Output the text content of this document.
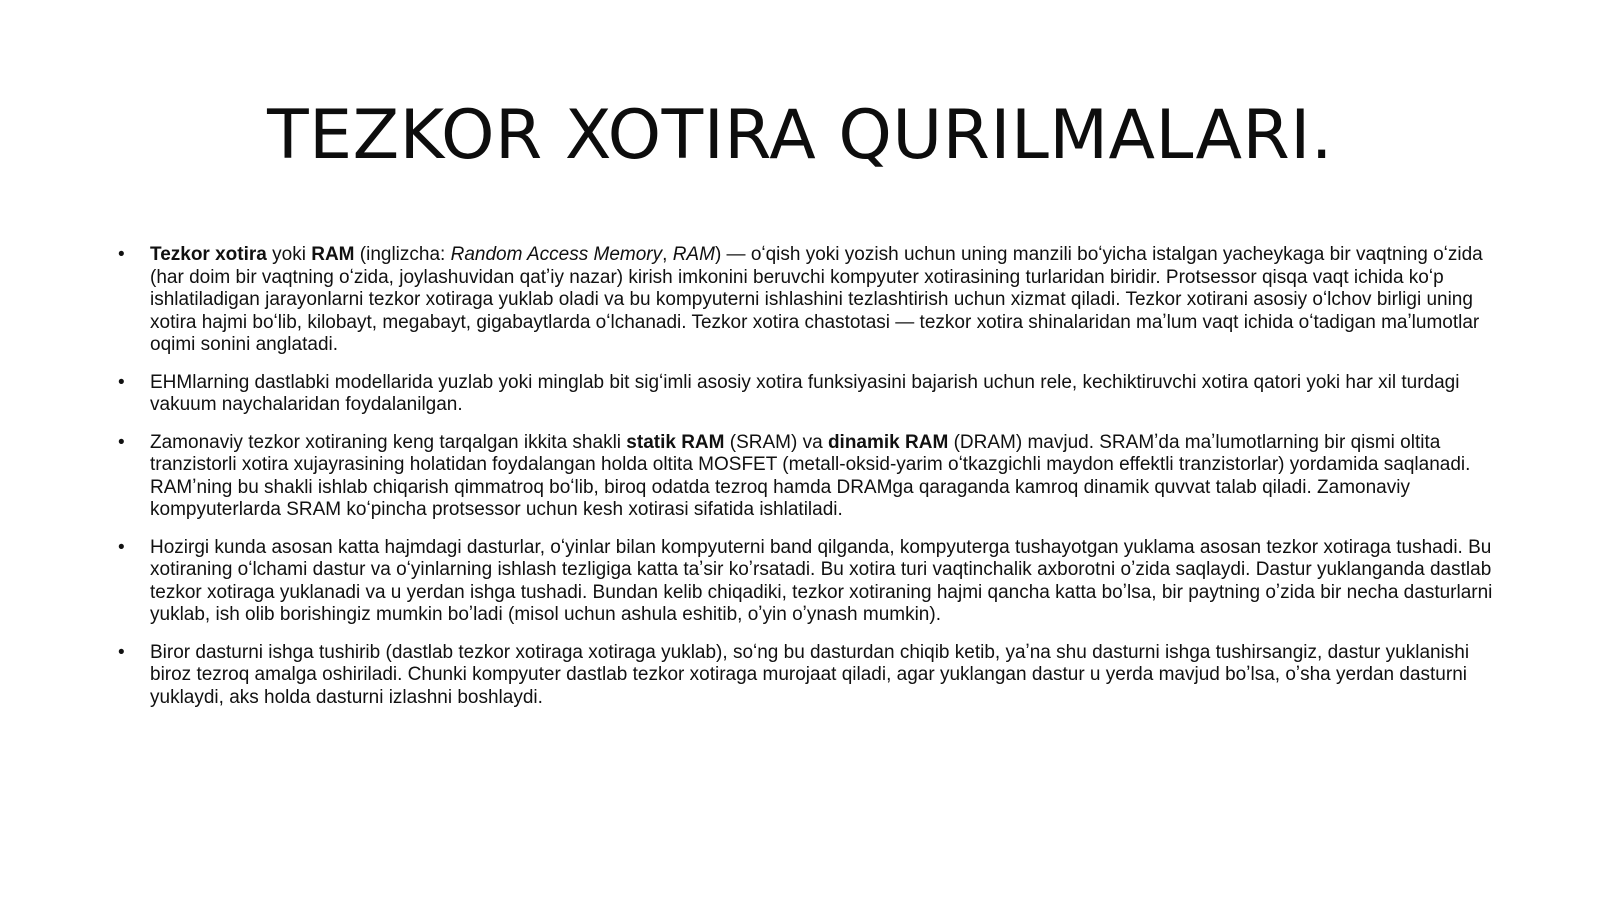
TEZKOR XOTIRA QURILMALARI.
•	Tezkor xotira yoki RAM (inglizcha: Random Access Memory, RAM) — oʻqish yoki yozish uchun uning manzili boʻyicha istalgan yacheykaga bir vaqtning oʻzida (har doim bir vaqtning oʻzida, joylashuvidan qatʼiy nazar) kirish imkonini beruvchi kompyuter xotirasining turlaridan biridir. Protsessor qisqa vaqt ichida koʻp ishlatiladigan jarayonlarni tezkor xotiraga yuklab oladi va bu kompyuterni ishlashini tezlashtirish uchun xizmat qiladi. Tezkor xotirani asosiy oʻlchov birligi uning xotira hajmi boʻlib, kilobayt, megabayt, gigabaytlarda oʻlchanadi. Tezkor xotira chastotasi — tezkor xotira shinalaridan maʼlum vaqt ichida oʻtadigan maʼlumotlar oqimi sonini anglatadi.
•	EHMlarning dastlabki modellarida yuzlab yoki minglab bit sigʻimli asosiy xotira funksiyasini bajarish uchun rele, kechiktiruvchi xotira qatori yoki har xil turdagi vakuum naychalaridan foydalanilgan.
•	Zamonaviy tezkor xotiraning keng tarqalgan ikkita shakli statik RAM (SRAM) va dinamik RAM (DRAM) mavjud. SRAMʼda maʼlumotlarning bir qismi oltita tranzistorli xotira xujayrasining holatidan foydalangan holda oltita MOSFET (metall-oksid-yarim oʻtkazgichli maydon effektli tranzistorlar) yordamida saqlanadi. RAMʼning bu shakli ishlab chiqarish qimmatroq boʻlib, biroq odatda tezroq hamda DRAMga qaraganda kamroq dinamik quvvat talab qiladi. Zamonaviy kompyuterlarda SRAM koʻpincha protsessor uchun kesh xotirasi sifatida ishlatiladi.
•	Hozirgi kunda asosan katta hajmdagi dasturlar, oʻyinlar bilan kompyuterni band qilganda, kompyuterga tushayotgan yuklama asosan tezkor xotiraga tushadi. Bu xotiraning oʻlchami dastur va oʻyinlarning ishlash tezligiga katta taʼsir koʼrsatadi. Bu xotira turi vaqtinchalik axborotni oʼzida saqlaydi. Dastur yuklanganda dastlab tezkor xotiraga yuklanadi va u yerdan ishga tushadi. Bundan kelib chiqadiki, tezkor xotiraning hajmi qancha katta boʼlsa, bir paytning oʼzida bir necha dasturlarni yuklab, ish olib borishingiz mumkin boʼladi (misol uchun ashula eshitib, oʼyin oʼynash mumkin).
•	Biror dasturni ishga tushirib (dastlab tezkor xotiraga xotiraga yuklab), soʻng bu dasturdan chiqib ketib, yaʼna shu dasturni ishga tushirsangiz, dastur yuklanishi biroz tezroq amalga oshiriladi. Chunki kompyuter dastlab tezkor xotiraga murojaat qiladi, agar yuklangan dastur u yerda mavjud boʼlsa, oʼsha yerdan dasturni yuklaydi, aks holda dasturni izlashni boshlaydi.
